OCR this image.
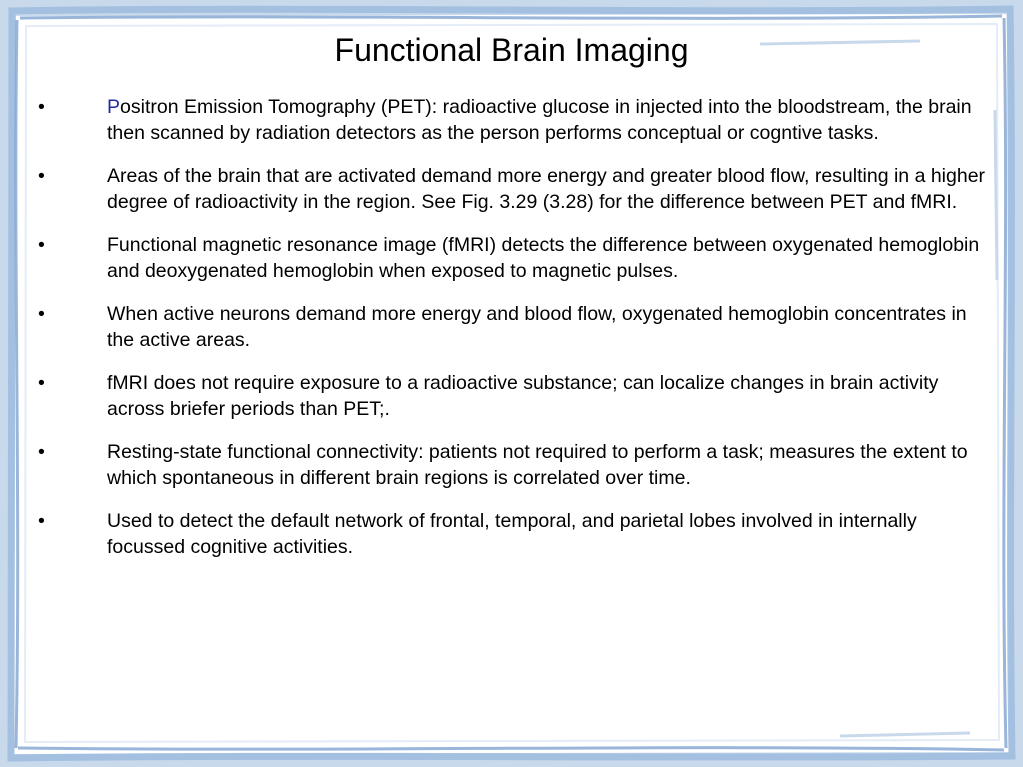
Functional Brain Imaging
•	Positron Emission Tomography (PET): radioactive glucose in injected into the bloodstream, the brain then scanned by radiation detectors as the person performs conceptual or cogntive tasks.
•	Areas of the brain that are activated demand more energy and greater blood flow, resulting in a higher degree of radioactivity in the region. See Fig. 3.29 (3.28) for the difference between PET and fMRI.
•	Functional magnetic resonance image (fMRI) detects the difference between oxygenated hemoglobin and deoxygenated hemoglobin when exposed to magnetic pulses.
•	When active neurons demand more energy and blood flow, oxygenated hemoglobin concentrates in the active areas.
•	fMRI does not require exposure to a radioactive substance; can localize changes in brain activity across briefer periods than PET;.
•	Resting-state functional connectivity: patients not required to perform a task; measures the extent to which spontaneous in different brain regions is correlated over time.
•	Used to detect the default network of frontal, temporal, and parietal lobes involved in internally focussed cognitive activities.
